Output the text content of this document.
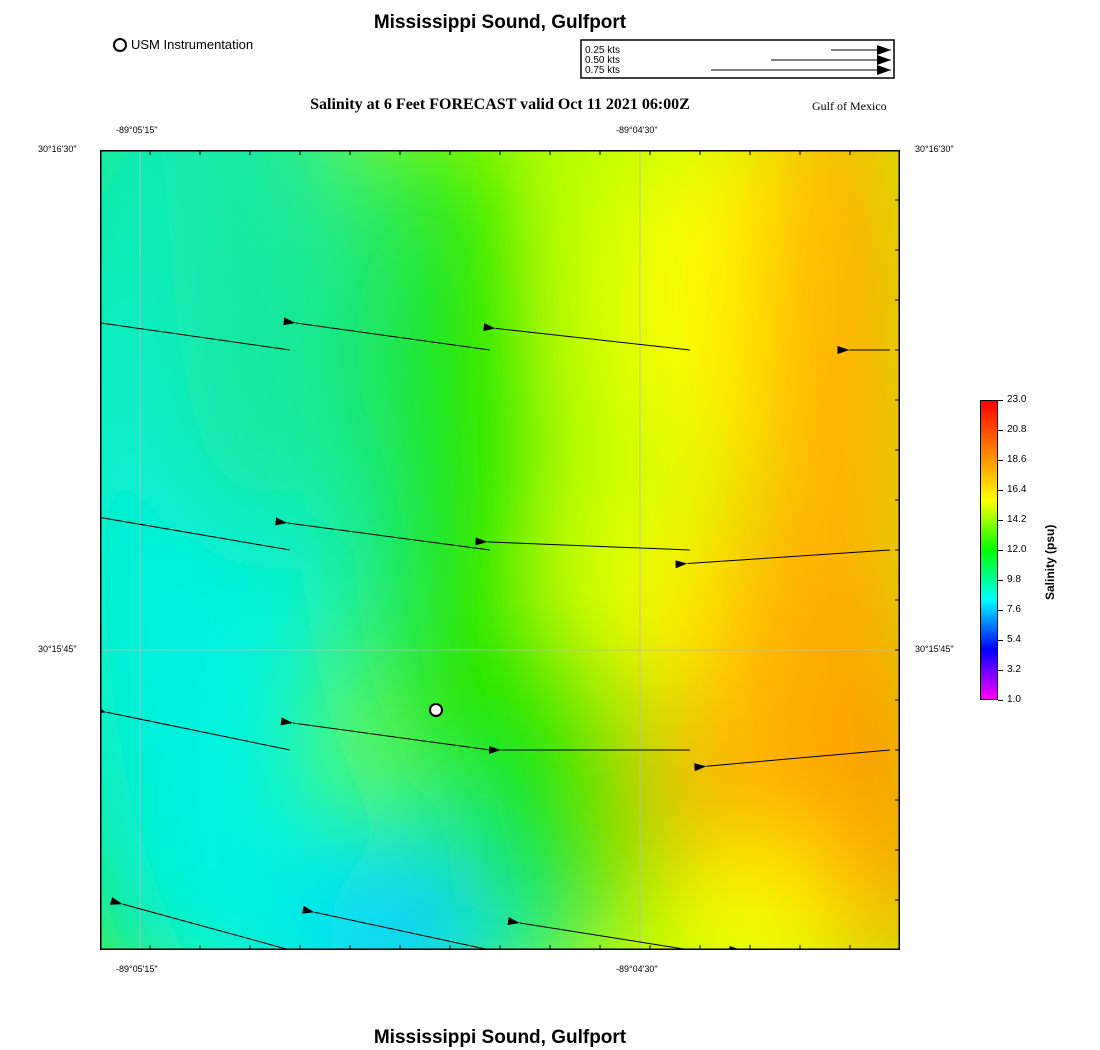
Mississippi Sound, Gulfport
USM Instrumentation	0.25 kts
0.50 kts
0.75 kts
Salinity at 6 Feet FORECAST valid Oct 11 2021 06:00Z	Gulf of Mexico
-89°05'15"	-89°04'30"
-89°05'15"	-89°04'30"
30°16'30"
30°15'45"
30°16'30"
30°15'45"
23.0
20.8
18.6
16.4
14.2
12.0
9.8
7.6
5.4
3.2
1.0
Salinity (psu)
Mississippi Sound, Gulfport
